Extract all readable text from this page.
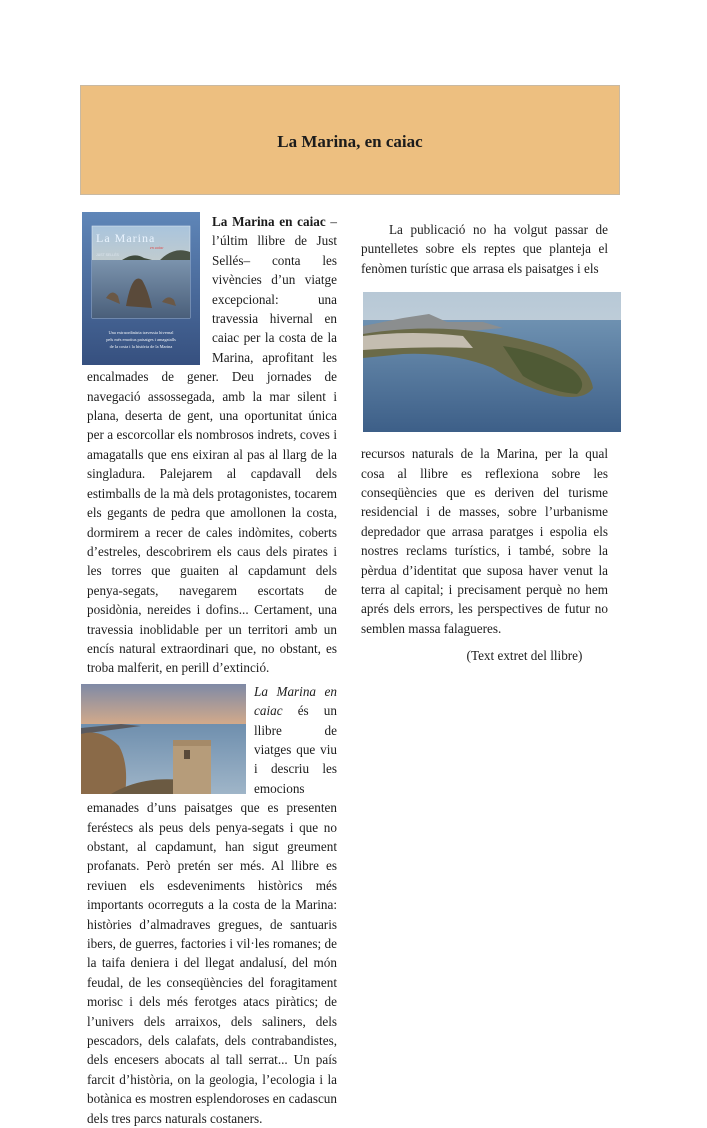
La Marina, en caiac
La Marina
en caiac
JUST SELLÉS
Una extraordinària travessia hivernal
pels més emotius paisatges i amagatalls
de la costa i la història de la Marina

La Marina en caiac –l’últim llibre de Just Sellés– conta les vivències d’un viatge excepcional: una travessia hivernal en caiac per la costa de la Marina, aprofitant les encalmades de gener. Deu jornades de navegació assossegada, amb la mar silent i plana, deserta de gent, una oportunitat única per a escorcollar els nombrosos indrets, coves i amagatalls que ens eixiran al pas al llarg de la singladura. Palejarem al capdavall dels estimballs de la mà dels protagonistes, tocarem els gegants de pedra que amollonen la costa, dormirem a recer de cales indòmites, coberts d’estreles, descobrirem els caus dels pirates i les torres que guaiten al capdamunt dels penya-segats, navegarem escortats de posidònia, nereides i dofins... Certament, una travessia inoblidable per un territori amb un encís natural extraordinari que, no obstant, es troba malferit, en perill d’extinció.

La Marina en caiac és un llibre de viatges que viu i descriu les emocions emanades d’uns paisatges que es presenten feréstecs als peus dels penya-segats i que no obstant, al capdamunt, han sigut greument profanats. Però pretén ser més. Al llibre es reviuen els esdeveniments històrics més importants ocorreguts a la costa de la Marina: històries d’almadraves gregues, de santuaris ibers, de guerres, factories i vil·les romanes; de la taifa deniera i del llegat andalusí, del món feudal, de les conseqüències del foragitament morisc i dels més ferotges atacs piràtics; de l’univers dels arraixos, dels saliners, dels pescadors, dels calafats, dels contrabandistes, dels encesers abocats al tall serrat... Un país farcit d’història, on la geologia, l’ecologia i la botànica es mostren esplendoroses en cadascun dels tres parcs naturals costaners.

La publicació no ha volgut passar de puntelletes sobre els reptes que planteja el fenòmen turístic que arrasa els paisatges i els

recursos naturals de la Marina, per la qual cosa al llibre es reflexiona sobre les conseqüències que es deriven del turisme residencial i de masses, sobre l’urbanisme depredador que arrasa paratges i espolia els nostres reclams turístics, i també, sobre la pèrdua d’identitat que suposa haver venut la terra al capital; i precisament perquè no hem aprés dels errors, les perspectives de futur no semblen massa falagueres.

(Text extret del llibre)
